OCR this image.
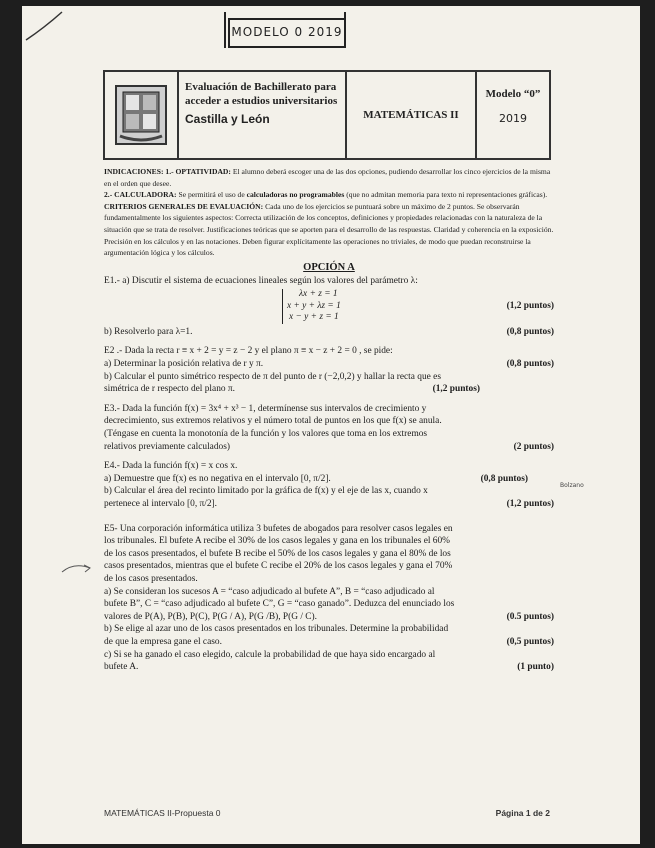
MODELO 0 2019
Evaluación de Bachillerato para
acceder a estudios universitarios
Castilla y León	MATEMÁTICAS II
Modelo “0”
2019

INDICACIONES: 1.- OPTATIVIDAD: El alumno deberá escoger una de las dos opciones, pudiendo desarrollar los cinco ejercicios de la misma en el orden que desee.
2.- CALCULADORA: Se permitirá el uso de calculadoras no programables (que no admitan memoria para texto ni representaciones gráficas).
CRITERIOS GENERALES DE EVALUACIÓN: Cada uno de los ejercicios se puntuará sobre un máximo de 2 puntos. Se observarán fundamentalmente los siguientes aspectos: Correcta utilización de los conceptos, definiciones y propiedades relacionadas con la naturaleza de la situación que se trata de resolver. Justificaciones teóricas que se aporten para el desarrollo de las respuestas. Claridad y coherencia en la exposición. Precisión en los cálculos y en las notaciones. Deben figurar explícitamente las operaciones no triviales, de modo que puedan reconstruirse la argumentación lógica y los cálculos.

OPCIÓN A

E1.- a) Discutir el sistema de ecuaciones lineales según los valores del parámetro λ:

λx + z = 1
x + y + λz = 1
x − y + z = 1
(1,2 puntos)
b) Resolverlo para λ=1.	(0,8 puntos)

E2 .- Dada la recta r ≡ x + 2 = y = z − 2 y el plano π ≡ x − z + 2 = 0 , se pide:

a) Determinar la posición relativa de r y π.	(0,8 puntos)

b) Calcular el punto simétrico respecto de π del punto de r (−2,0,2) y hallar la recta que es

simétrica de r respecto del plano π.	(1,2 puntos)

E3.- Dada la función f(x) = 3x⁴ + x³ − 1, determínense sus intervalos de crecimiento y

decrecimiento, sus extremos relativos y el número total de puntos en los que f(x) se anula.

(Téngase en cuenta la monotonía de la función y los valores que toma en los extremos

relativos previamente calculados)	(2 puntos)

E4.- Dada la función f(x) = x cos x.

a) Demuestre que f(x) es no negativa en el intervalo [0, π/2].	(0,8 puntos)

b) Calcular el área del recinto limitado por la gráfica de f(x) y el eje de las x, cuando x

pertenece al intervalo [0, π/2].	(1,2 puntos)

E5- Una corporación informática utiliza 3 bufetes de abogados para resolver casos legales en

los tribunales. El bufete A recibe el 30% de los casos legales y gana en los tribunales el 60%

de los casos presentados, el bufete B recibe el 50% de los casos legales y gana el 80% de los

casos presentados, mientras que el bufete C recibe el 20% de los casos legales y gana el 70%

de los casos presentados.

a) Se consideran los sucesos A = “caso adjudicado al bufete A”, B = “caso adjudicado al

bufete B”, C = “caso adjudicado al bufete C”, G = “caso ganado”. Deduzca del enunciado los

valores de P(A), P(B), P(C), P(G / A), P(G /B), P(G / C).	(0.5 puntos)

b) Se elige al azar uno de los casos presentados en los tribunales. Determine la probabilidad

de que la empresa gane el caso.	(0,5 puntos)

c) Si se ha ganado el caso elegido, calcule la probabilidad de que haya sido encargado al

bufete A.	(1 punto)
Bolzano
MATEMÁTICAS II-Propuesta 0	Página 1 de 2
